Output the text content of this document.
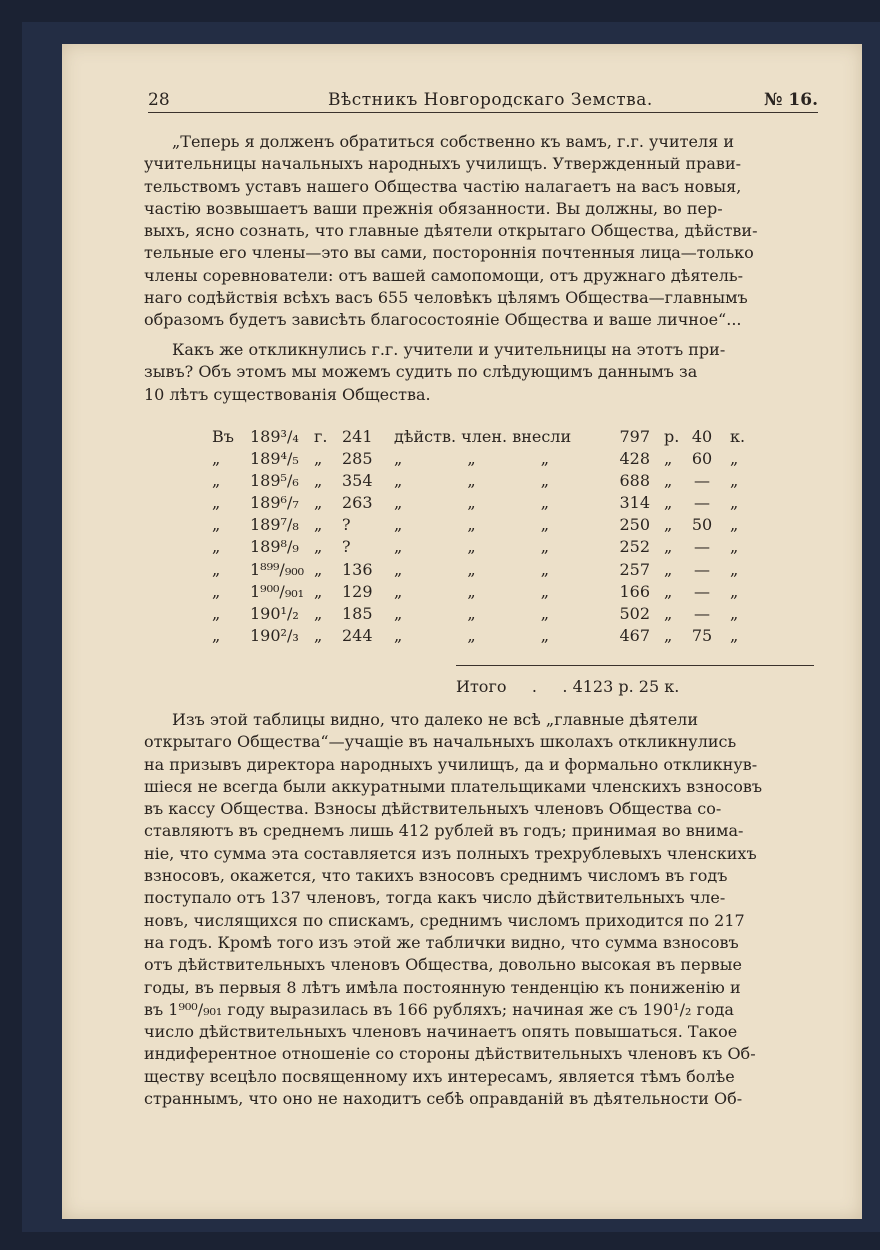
28	Вѣстникъ Новгородскаго Земства.	№ 16.
„Теперь я долженъ обратиться собственно къ вамъ, г.г. учителя и
учительницы начальныхъ народныхъ училищъ. Утвержденный прави-
тельствомъ уставъ нашего Общества частію налагаетъ на васъ новыя,
частію возвышаетъ ваши прежнія обязанности. Вы должны, во пер-
выхъ, ясно сознать, что главные дѣятели открытаго Общества, дѣйстви-
тельные его члены—это вы сами, постороннія почтенныя лица—только
члены соревнователи: отъ вашей самопомощи, отъ дружнаго дѣятель-
наго содѣйствія всѣхъ васъ 655 человѣкъ цѣлямъ Общества—главнымъ
образомъ будетъ зависѣть благосостояніе Общества и ваше личное“...
Какъ же откликнулись г.г. учители и учительницы на этотъ при-
зывъ? Объ этомъ мы можемъ судить по слѣдующимъ даннымъ за
10 лѣтъ существованія Общества.
Въ 189³/₄ г. 241 дѣйств. член. внесли	797 р. 40	к.
„ 189⁴/₅ „ 285 „ „ „	428 „	60	„
„ 189⁵/₆ „ 354 „ „ „	688 „	—	„
„ 189⁶/₇ „ 263 „ „ „	314 „	—	„
„ 189⁷/₈ „ ?	„ „ „	250 „	50	„
„ 189⁸/₉ „ ?	„ „ „	252 „	—	„
„ 1⁸⁹⁹/₉₀₀ „ 136 „ „ „	257 „	—	„
„ 1⁹⁰⁰/₉₀₁ „ 129 „ „ „	166 „	—	„
„ 190¹/₂ „ 185 „ „ „	502 „	—	„
„ 190²/₃ „ 244 „ „ „	467 „	75	„
Итого     .     . 4123 р. 25 к.
Изъ этой таблицы видно, что далеко не всѣ „главные дѣятели
открытаго Общества“—учащіе въ начальныхъ школахъ откликнулись
на призывъ директора народныхъ училищъ, да и формально откликнув-
шіеся не всегда были аккуратными плательщиками членскихъ взносовъ
въ кассу Общества. Взносы дѣйствительныхъ членовъ Общества со-
ставляютъ въ среднемъ лишь 412 рублей въ годъ; принимая во внима-
ніе, что сумма эта составляется изъ полныхъ трехрублевыхъ членскихъ
взносовъ, окажется, что такихъ взносовъ среднимъ числомъ въ годъ
поступало отъ 137 членовъ, тогда какъ число дѣйствительныхъ чле-
новъ, числящихся по спискамъ, среднимъ числомъ приходится по 217
на годъ. Кромѣ того изъ этой же таблички видно, что сумма взносовъ
отъ дѣйствительныхъ членовъ Общества, довольно высокая въ первые
годы, въ первыя 8 лѣтъ имѣла постоянную тенденцію къ пониженію и
въ 1⁹⁰⁰/₉₀₁ году выразилась въ 166 рубляхъ; начиная же съ 190¹/₂ года
число дѣйствительныхъ членовъ начинаетъ опять повышаться. Такое
индиферентное отношеніе со стороны дѣйствительныхъ членовъ къ Об-
ществу всецѣло посвященному ихъ интересамъ, является тѣмъ болѣе
страннымъ, что оно не находитъ себѣ оправданій въ дѣятельности Об-
